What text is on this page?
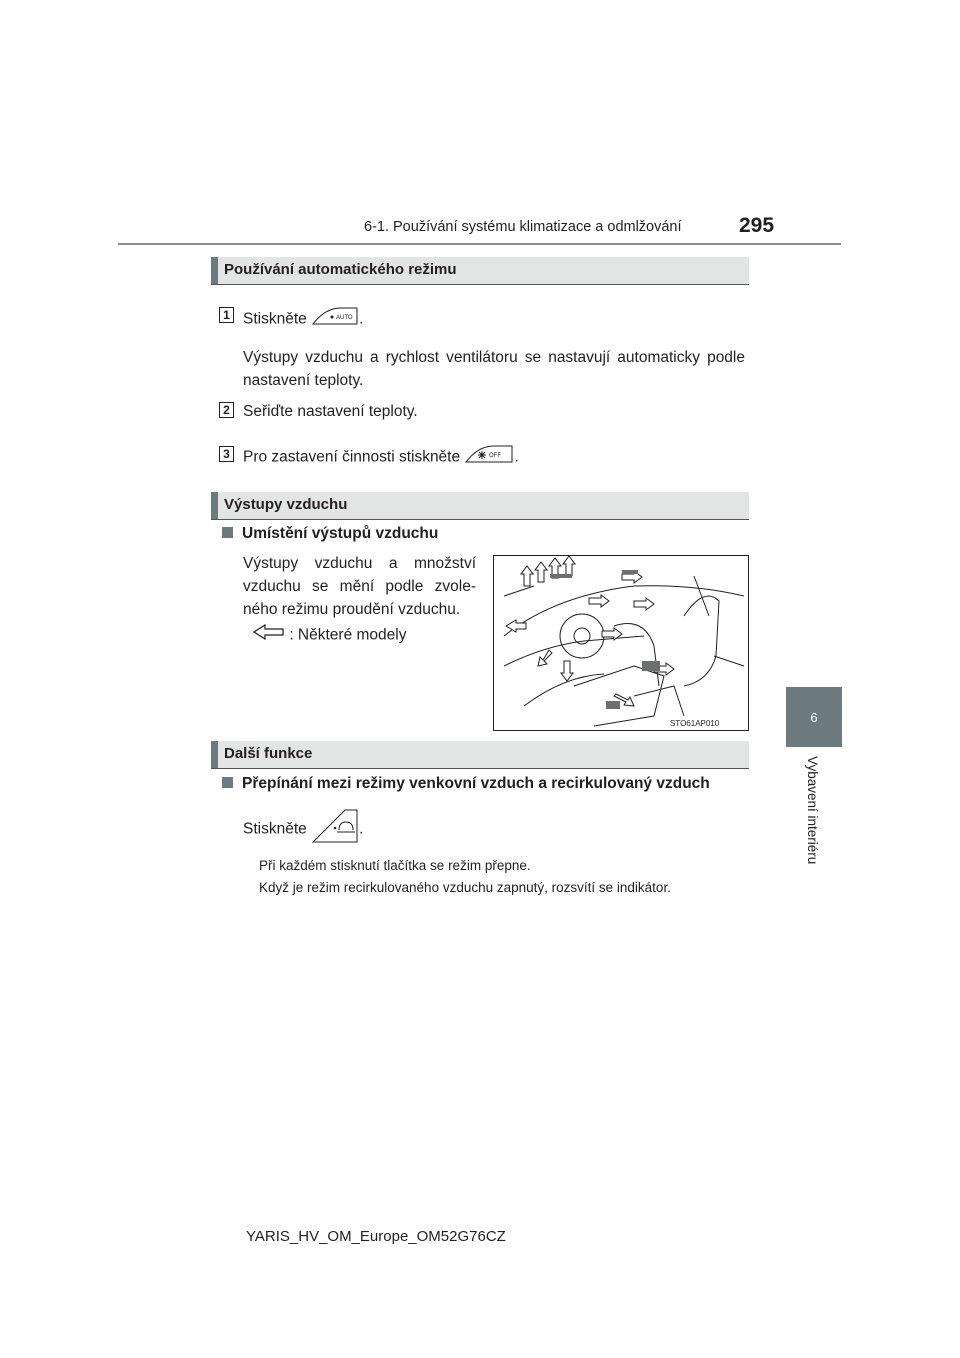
6-1. Používání systému klimatizace a odmlžování	295
6
Vybavení interiéru
Používání automatického režimu
1 Stiskněte	AUTO .
Výstupy vzduchu a rychlost ventilátoru se nastavují automaticky podle nastavení teploty.
2 Seřiďte nastavení teploty.
3 Pro zastavení činnosti stiskněte	OFF .
Výstupy vzduchu
Umístění výstupů vzduchu
Výstupy vzduchu a množství vzduchu se mění podle zvole-ného režimu proudění vzduchu.
: Některé modely
STO61AP010
Další funkce
Přepínání mezi režimy venkovní vzduch a recirkulovaný vzduch
Stiskněte	.
Při každém stisknutí tlačítka se režim přepne.
Když je režim recirkulovaného vzduchu zapnutý, rozsvítí se indikátor.
YARIS_HV_OM_Europe_OM52G76CZ
